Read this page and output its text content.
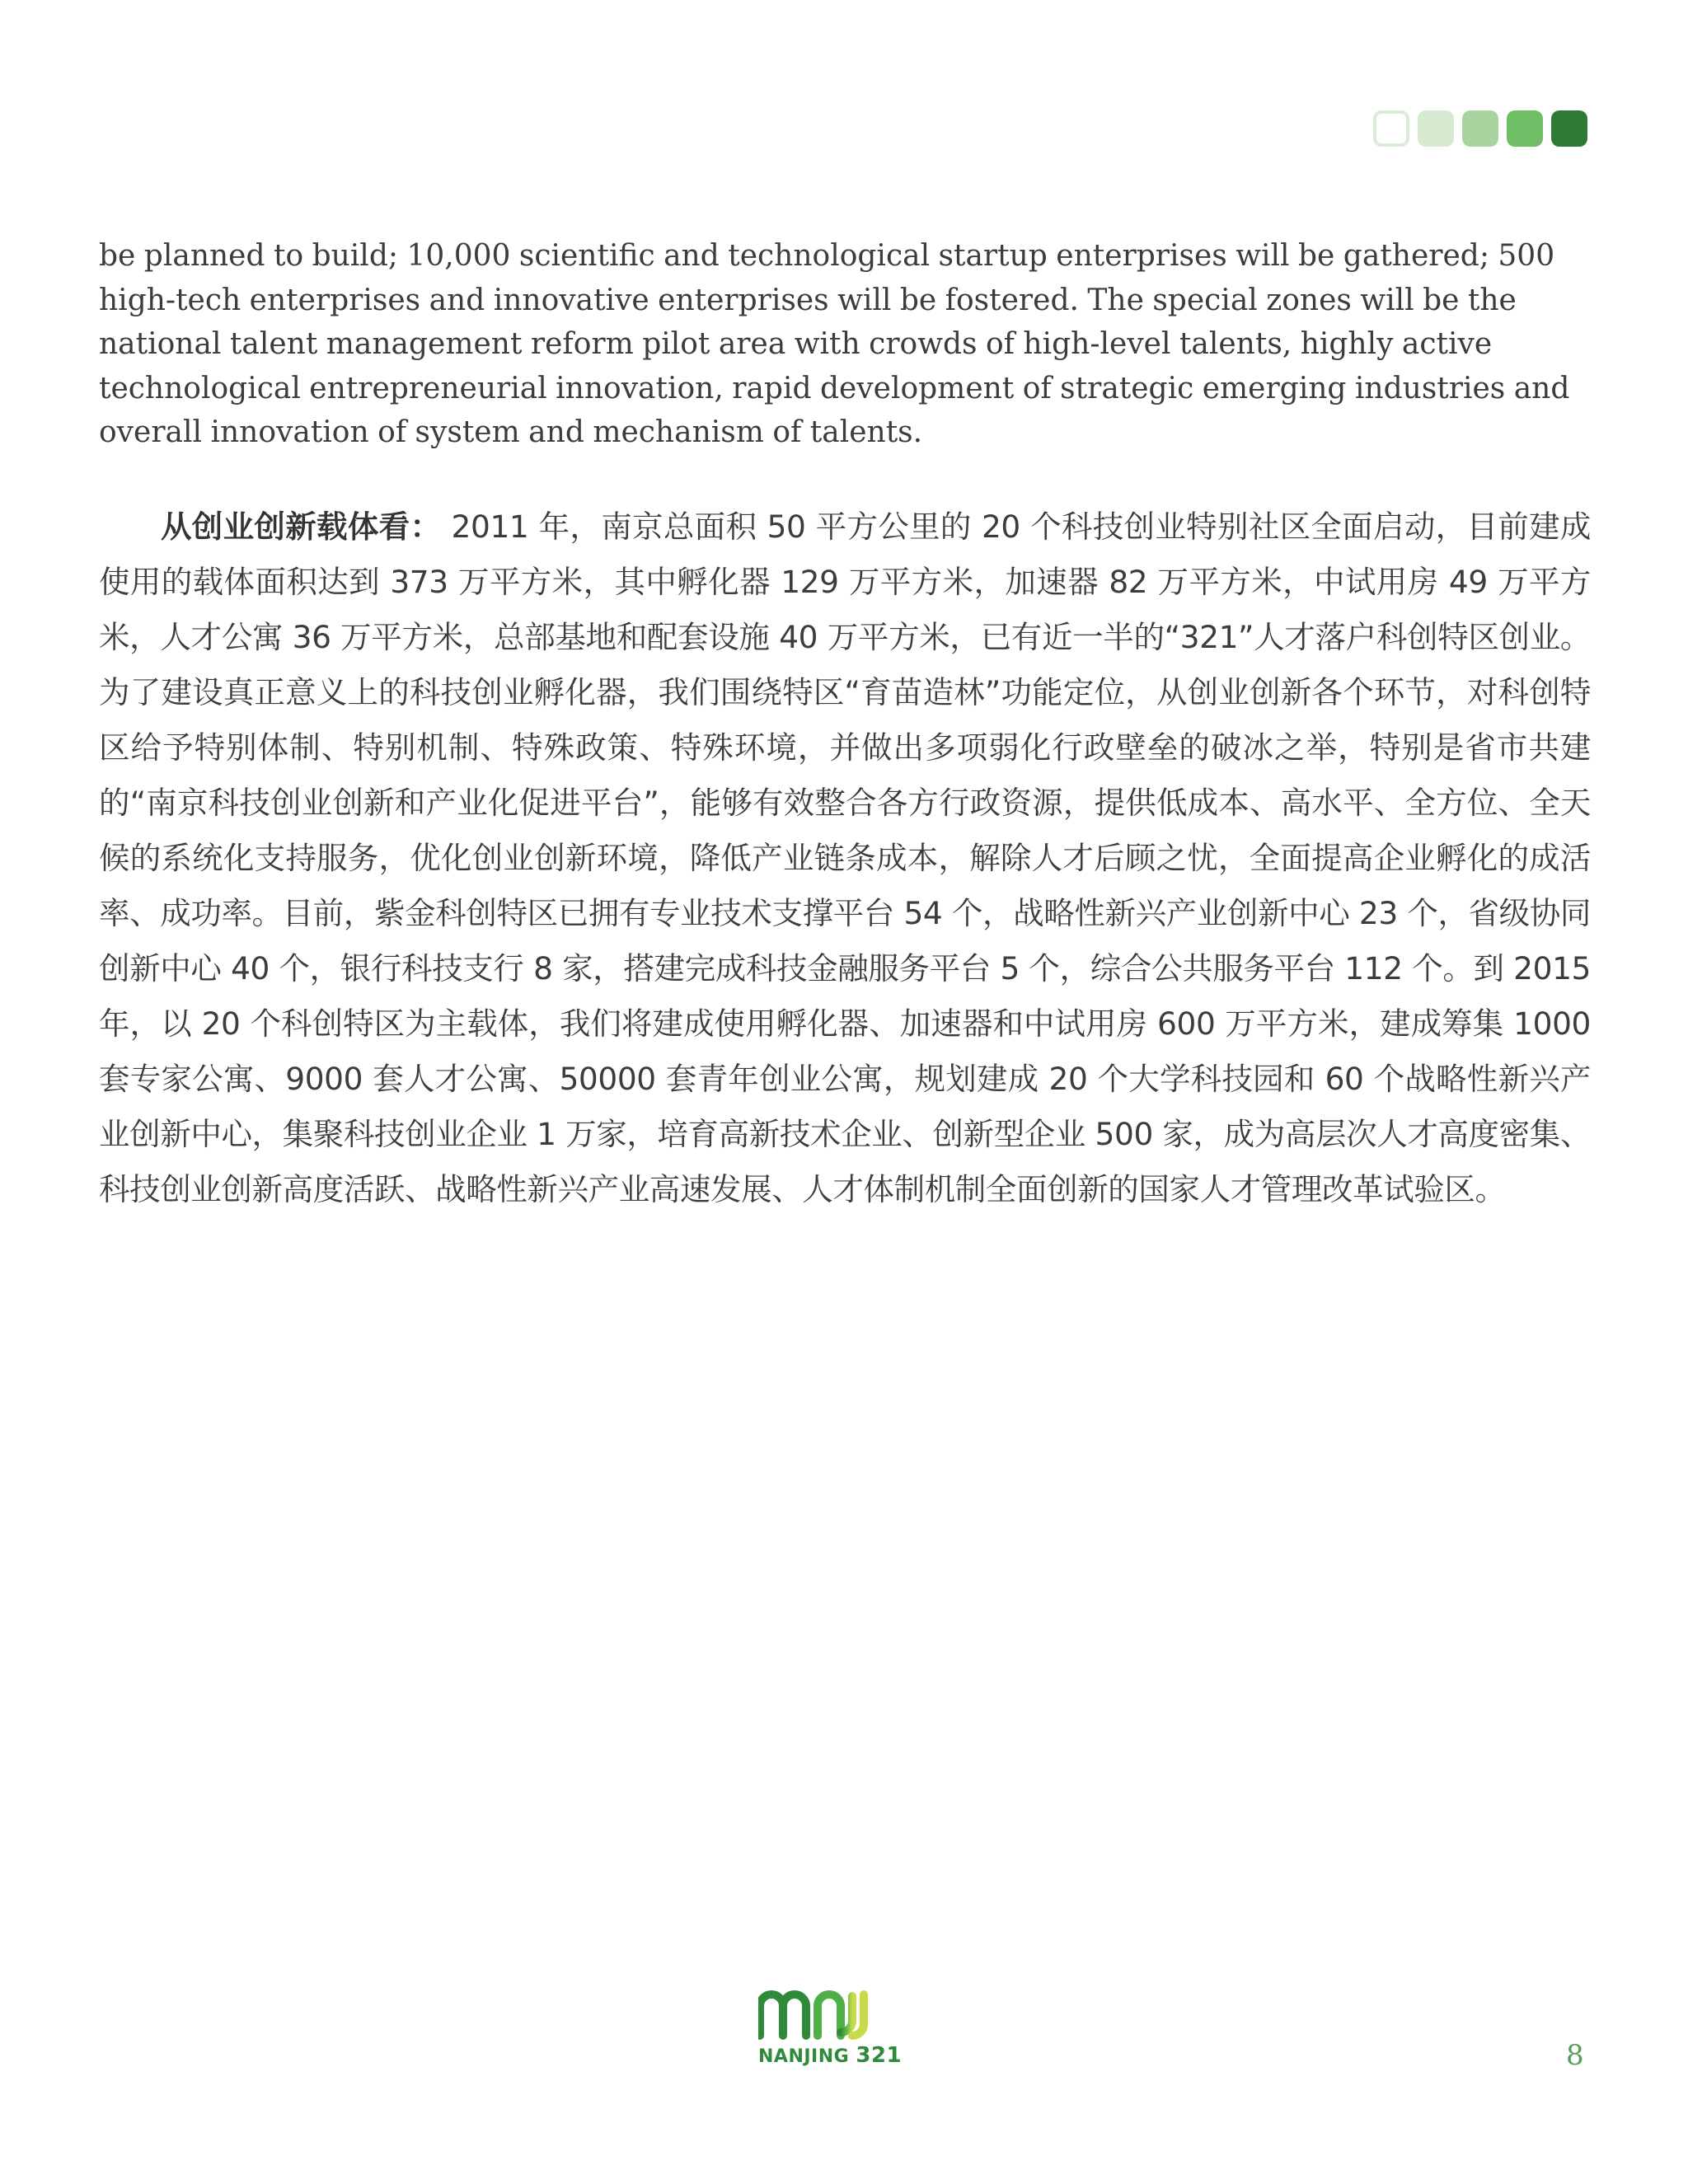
be planned to build; 10,000 scientific and technological startup enterprises will be gathered; 500 high-tech enterprises and innovative enterprises will be fostered. The special zones will be the national talent management reform pilot area with crowds of high-level talents, highly active technological entrepreneurial innovation, rapid development of strategic emerging industries and overall innovation of system and mechanism of talents.

从创业创新载体看： 2011 年，南京总面积 50 平方公里的 20 个科技创业特别社区全面启动，目前建成使用的载体面积达到 373 万平方米，其中孵化器 129 万平方米，加速器 82 万平方米，中试用房 49 万平方米，人才公寓 36 万平方米，总部基地和配套设施 40 万平方米，已有近一半的“321”人才落户科创特区创业。为了建设真正意义上的科技创业孵化器，我们围绕特区“育苗造林”功能定位，从创业创新各个环节，对科创特区给予特别体制、特别机制、特殊政策、特殊环境，并做出多项弱化行政壁垒的破冰之举，特别是省市共建的“南京科技创业创新和产业化促进平台”，能够有效整合各方行政资源，提供低成本、高水平、全方位、全天候的系统化支持服务，优化创业创新环境，降低产业链条成本，解除人才后顾之忧，全面提高企业孵化的成活率、成功率。目前，紫金科创特区已拥有专业技术支撑平台 54 个，战略性新兴产业创新中心 23 个，省级协同创新中心 40 个，银行科技支行 8 家，搭建完成科技金融服务平台 5 个，综合公共服务平台 112 个。到 2015 年，以 20 个科创特区为主载体，我们将建成使用孵化器、加速器和中试用房 600 万平方米，建成筹集 1000 套专家公寓、9000 套人才公寓、50000 套青年创业公寓，规划建成 20 个大学科技园和 60 个战略性新兴产业创新中心，集聚科技创业企业 1 万家，培育高新技术企业、创新型企业 500 家，成为高层次人才高度密集、科技创业创新高度活跃、战略性新兴产业高速发展、人才体制机制全面创新的国家人才管理改革试验区。

NANJING 321	8
